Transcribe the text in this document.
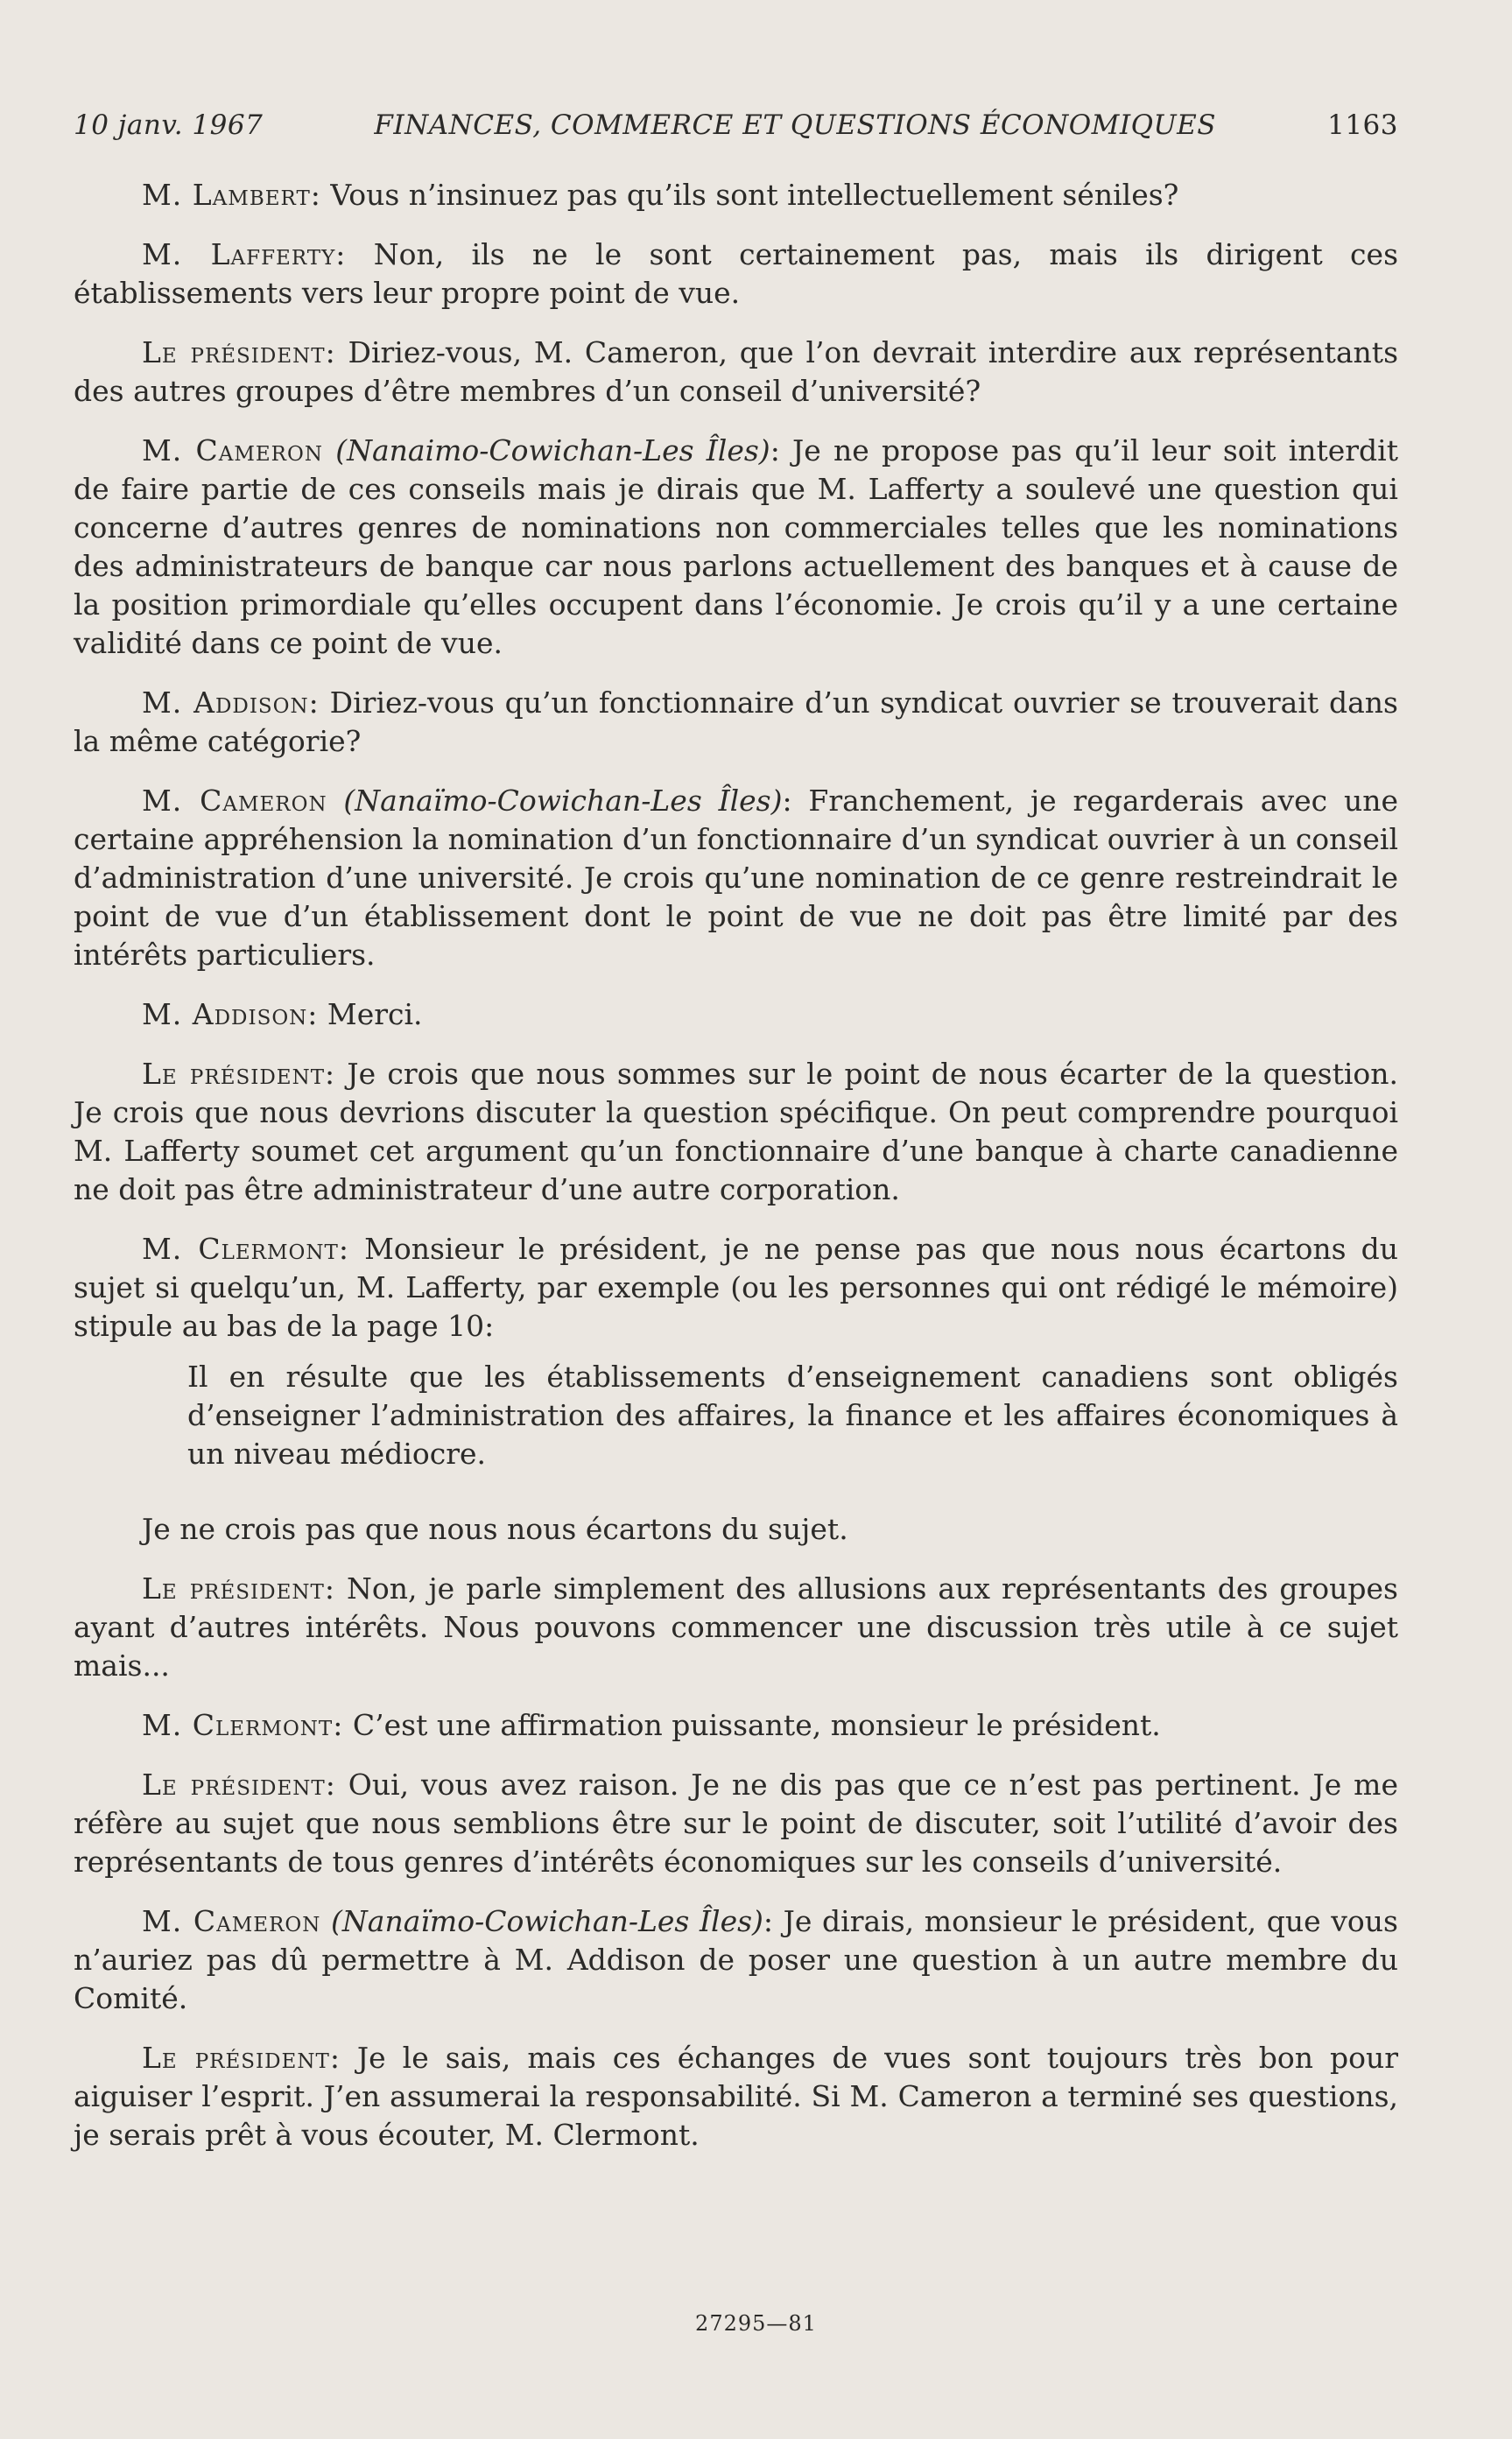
10 janv. 1967	FINANCES, COMMERCE ET QUESTIONS ÉCONOMIQUES	1163

M. Lambert: Vous n’insinuez pas qu’ils sont intellectuellement séniles?

M. Lafferty: Non, ils ne le sont certainement pas, mais ils dirigent ces établissements vers leur propre point de vue.

Le président: Diriez-vous, M. Cameron, que l’on devrait interdire aux représentants des autres groupes d’être membres d’un conseil d’université?

M. Cameron (Nanaimo-Cowichan-Les Îles): Je ne propose pas qu’il leur soit interdit de faire partie de ces conseils mais je dirais que M. Lafferty a soulevé une question qui concerne d’autres genres de nominations non commerciales telles que les nominations des administrateurs de banque car nous parlons actuellement des banques et à cause de la position primordiale qu’elles occupent dans l’économie. Je crois qu’il y a une certaine validité dans ce point de vue.

M. Addison: Diriez-vous qu’un fonctionnaire d’un syndicat ouvrier se trouverait dans la même catégorie?

M. Cameron (Nanaïmo-Cowichan-Les Îles): Franchement, je regarderais avec une certaine appréhension la nomination d’un fonctionnaire d’un syndicat ouvrier à un conseil d’administration d’une université. Je crois qu’une nomination de ce genre restreindrait le point de vue d’un établissement dont le point de vue ne doit pas être limité par des intérêts particuliers.

M. Addison: Merci.

Le président: Je crois que nous sommes sur le point de nous écarter de la question. Je crois que nous devrions discuter la question spécifique. On peut comprendre pourquoi M. Lafferty soumet cet argument qu’un fonctionnaire d’une banque à charte canadienne ne doit pas être administrateur d’une autre corporation.

M. Clermont: Monsieur le président, je ne pense pas que nous nous écartons du sujet si quelqu’un, M. Lafferty, par exemple (ou les personnes qui ont rédigé le mémoire) stipule au bas de la page 10:

Il en résulte que les établissements d’enseignement canadiens sont obligés d’enseigner l’administration des affaires, la finance et les affaires économiques à un niveau médiocre.

Je ne crois pas que nous nous écartons du sujet.

Le président: Non, je parle simplement des allusions aux représentants des groupes ayant d’autres intérêts. Nous pouvons commencer une discussion très utile à ce sujet mais...

M. Clermont: C’est une affirmation puissante, monsieur le président.

Le président: Oui, vous avez raison. Je ne dis pas que ce n’est pas pertinent. Je me réfère au sujet que nous semblions être sur le point de discuter, soit l’utilité d’avoir des représentants de tous genres d’intérêts économiques sur les conseils d’université.

M. Cameron (Nanaïmo-Cowichan-Les Îles): Je dirais, monsieur le président, que vous n’auriez pas dû permettre à M. Addison de poser une question à un autre membre du Comité.

Le président: Je le sais, mais ces échanges de vues sont toujours très bon pour aiguiser l’esprit. J’en assumerai la responsabilité. Si M. Cameron a terminé ses questions, je serais prêt à vous écouter, M. Clermont.

27295—81
